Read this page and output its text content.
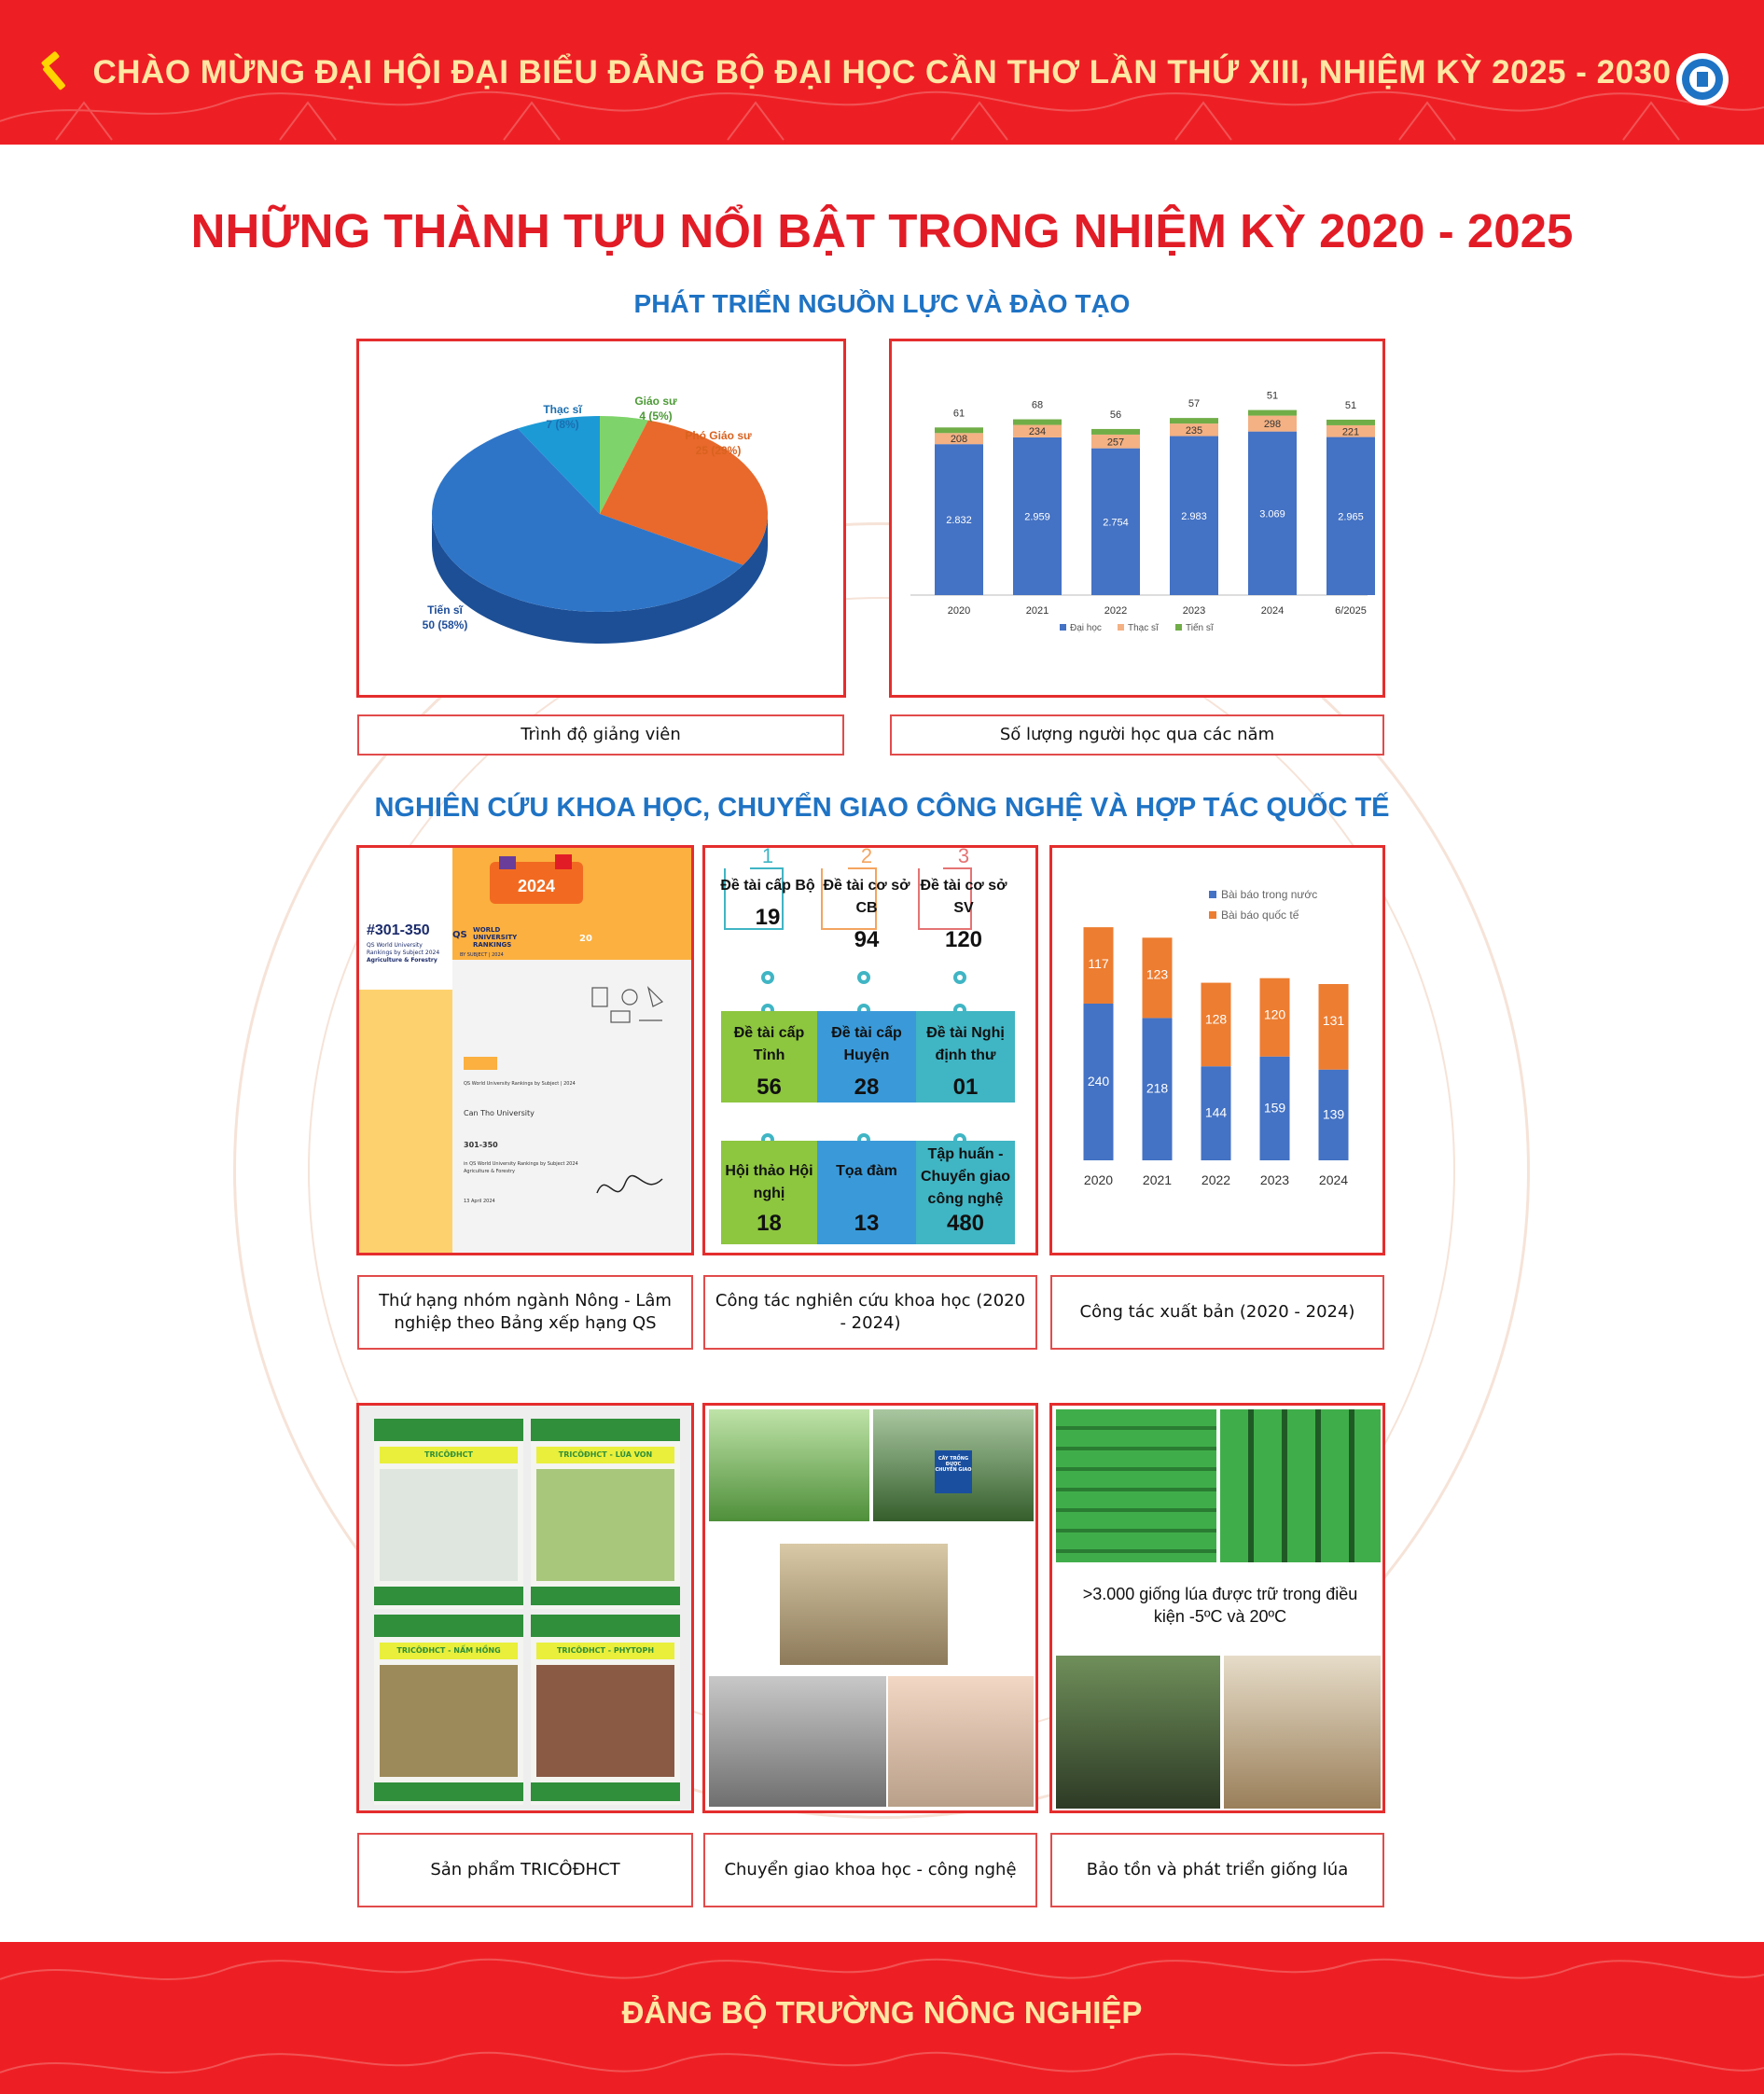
CHÀO MỪNG ĐẠI HỘI ĐẠI BIỂU ĐẢNG BỘ ĐẠI HỌC CẦN THƠ LẦN THỨ XIII, NHIỆM KỲ 2025 - 2030
NHỮNG THÀNH TỰU NỔI BẬT TRONG NHIỆM KỲ 2020 - 2025
PHÁT TRIỂN NGUỒN LỰC VÀ ĐÀO TẠO
Tiến sĩ
50 (58%)
Phó Giáo sư
25 (29%)
Giáo sư
4 (5%)
Thạc sĩ
7 (8%)
2.832
208
61
2020
2.959
234
68
2021
2.754
257
56
2022
2.983
235
57
2023
3.069
298
51
2024
2.965
221
51
6/2025
Đại học	Thạc sĩ	Tiến sĩ
Trình độ giảng viên	Số lượng người học qua các năm
NGHIÊN CỨU KHOA HỌC, CHUYỂN GIAO CÔNG NGHỆ VÀ HỢP TÁC QUỐC TẾ
2024
#301-350
QS World University
Rankings by Subject 2024
Agriculture & Forestry
QS WORLD
UNIVERSITY
RANKINGS
20
BY SUBJECT | 2024
QS World University Rankings by Subject | 2024
Can Tho University
301-350
in QS World University Rankings by Subject 2024
Agriculture & Forestry
13 April 2024
1
Đề tài cấp Bộ
19
2
Đề tài cơ sở CB
94
3
Đề tài cơ sở SV
120
Đề tài cấp Tỉnh
56
Đề tài cấp Huyện
28
Đề tài Nghị định thư
01
Hội thảo Hội nghị
18
Tọa đàm
13
Tập huấn - Chuyển giao công nghệ
480
240
117
2020
218
123
2021
144
128
2022
159
120
2023
139
131
2024
Bài báo trong nước
Bài báo quốc tế
Thứ hạng nhóm ngành Nông - Lâm nghiệp theo Bảng xếp hạng QS
Công tác nghiên cứu khoa học (2020 - 2024)
Công tác xuất bản (2020 - 2024)
TRICÔĐHCT	TRICÔĐHCT - LÚA VON
TRICÔĐHCT - NẤM HỒNG	TRICÔĐHCT - PHYTOPH
CÂY TRỒNG ĐƯỢC CHUYỂN GIAO
>3.000 giống lúa được trữ trong điều kiện -5ºC và 20ºC
Sản phẩm TRICÔĐHCT	Chuyển giao khoa học - công nghệ	Bảo tồn và phát triển giống lúa
ĐẢNG BỘ TRƯỜNG NÔNG NGHIỆP
